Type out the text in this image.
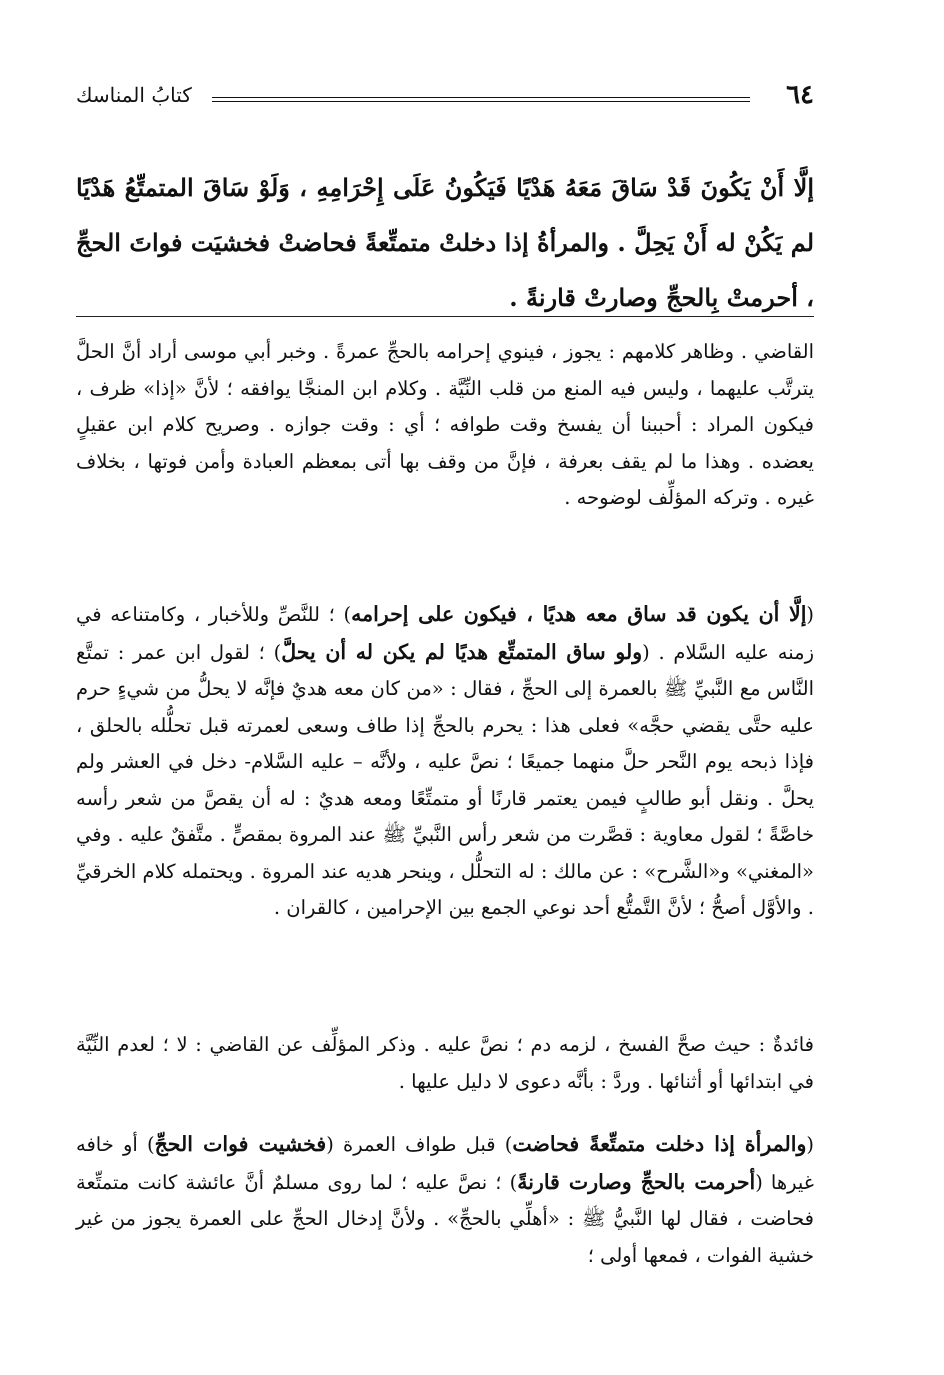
٦٤
كتابُ المناسك
إلَّا أَنْ يَكُونَ قَدْ سَاقَ مَعَهُ هَدْيًا فَيَكُونُ عَلَى إِحْرَامِهِ ، وَلَوْ سَاقَ المتمتِّعُ هَدْيًا لم يَكُنْ له أَنْ يَحِلَّ . والمرأةُ إذا دخلتْ متمتِّعةً فحاضتْ فخشيَت فواتَ الحجِّ ، أحرمتْ بِالحجِّ وصارتْ قارنةً .
القاضي . وظاهر كلامهم : يجوز ، فينوي إحرامه بالحجِّ عمرةً . وخبر أبي موسى أراد أنَّ الحلَّ يترتَّب عليهما ، وليس فيه المنع من قلب النِّيَّة . وكلام ابن المنجَّا يوافقه ؛ لأنَّ «إذا» ظرف ، فيكون المراد : أحببنا أن يفسخ وقت طوافه ؛ أي : وقت جوازه . وصريح كلام ابن عقيلٍ يعضده . وهذا ما لم يقف بعرفة ، فإنَّ من وقف بها أتى بمعظم العبادة وأمن فوتها ، بخلاف غيره . وتركه المؤلِّف لوضوحه .
(إلَّا أن يكون قد ساق معه هديًا ، فيكون على إحرامه) ؛ للنَّصِّ وللأخبار ، وكامتناعه في زمنه عليه السَّلام . (ولو ساق المتمتِّع هديًا لم يكن له أن يحلَّ) ؛ لقول ابن عمر : تمتَّع النَّاس مع النَّبيِّ ﷺ بالعمرة إلى الحجِّ ، فقال : «من كان معه هديٌ فإنَّه لا يحلُّ من شيءٍ حرم عليه حتَّى يقضي حجَّه» فعلى هذا : يحرم بالحجِّ إذا طاف وسعى لعمرته قبل تحلُّله بالحلق ، فإذا ذبحه يوم النَّحر حلَّ منهما جميعًا ؛ نصَّ عليه ، ولأنَّه – عليه السَّلام- دخل في العشر ولم يحلَّ . ونقل أبو طالبٍ فيمن يعتمر قارنًا أو متمتِّعًا ومعه هديٌ : له أن يقصَّ من شعر رأسه خاصَّةً ؛ لقول معاوية : قصَّرت من شعر رأس النَّبيِّ ﷺ عند المروة بمقصٍّ . متَّفقٌ عليه . وفي «المغني» و«الشَّرح» : عن مالك : له التحلُّل ، وينحر هديه عند المروة . ويحتمله كلام الخرقيِّ . والأوَّل أصحُّ ؛ لأنَّ التَّمتُّع أحد نوعي الجمع بين الإحرامين ، كالقران .
فائدةٌ : حيث صحَّ الفسخ ، لزمه دم ؛ نصَّ عليه . وذكر المؤلِّف عن القاضي : لا ؛ لعدم النِّيَّة في ابتدائها أو أثنائها . وردَّ : بأنَّه دعوى لا دليل عليها .
(والمرأة إذا دخلت متمتِّعةً فحاضت) قبل طواف العمرة (فخشيت فوات الحجِّ) أو خافه غيرها (أحرمت بالحجِّ وصارت قارنةً) ؛ نصَّ عليه ؛ لما روى مسلمٌ أنَّ عائشة كانت متمتِّعة فحاضت ، فقال لها النَّبيُّ ﷺ : «أهلِّي بالحجِّ» . ولأنَّ إدخال الحجِّ على العمرة يجوز من غير خشية الفوات ، فمعها أولى ؛
